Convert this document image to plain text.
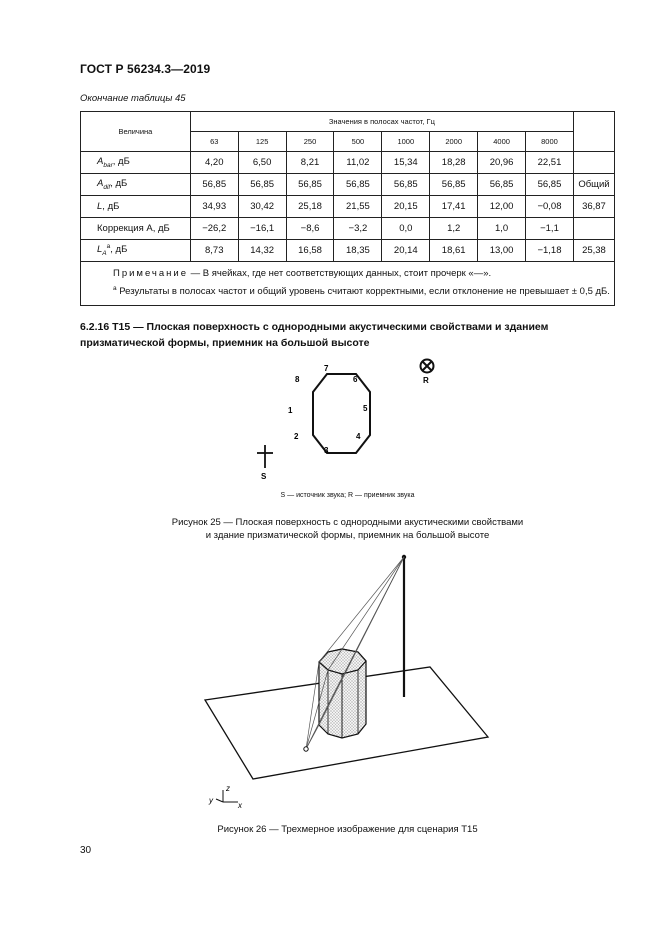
ГОСТ Р 56234.3—2019
Окончание таблицы 45
Величина	Значения в полосах частот, Гц								
	63	125	250	500	1000	2000	4000	8000	
$A_{bar}$, дБ	4,20	6,50	8,21	11,02	15,34	18,28	20,96	22,51	
$A_{dif}$, дБ	56,85	56,85	56,85	56,85	56,85	56,85	56,85	56,85	Общий
L, дБ	34,93	30,42	25,18	21,55	20,15	17,41	12,00	−0,08	36,87
Коррекция А, дБ	−26,2	−16,1	−8,6	−3,2	0,0	1,2	1,0	−1,1	
$L_A^a$, дБ	8,73	14,32	16,58	18,35	20,14	18,61	13,00	−1,18	25,38

Примечание — В ячейках, где нет соответствующих данных, стоит прочерк «—».
$^a$ Результаты в полосах частот и общий уровень считают корректными, если отклонение не превышает ± 0,5 дБ.									
6.2.16 Т15 — Плоская поверхность с однородными акустическими свойствами и зданием призматической формы, приемник на большой высоте
1
2
3
4
5
6
7
8	R
S
S — источник звука; R — приемник звука
Рисунок 25 — Плоская поверхность с однородными акустическими свойствами
и здание призматической формы, приемник на большой высоте
z
y
x
Рисунок 26 — Трехмерное изображение для сценария Т15
30
